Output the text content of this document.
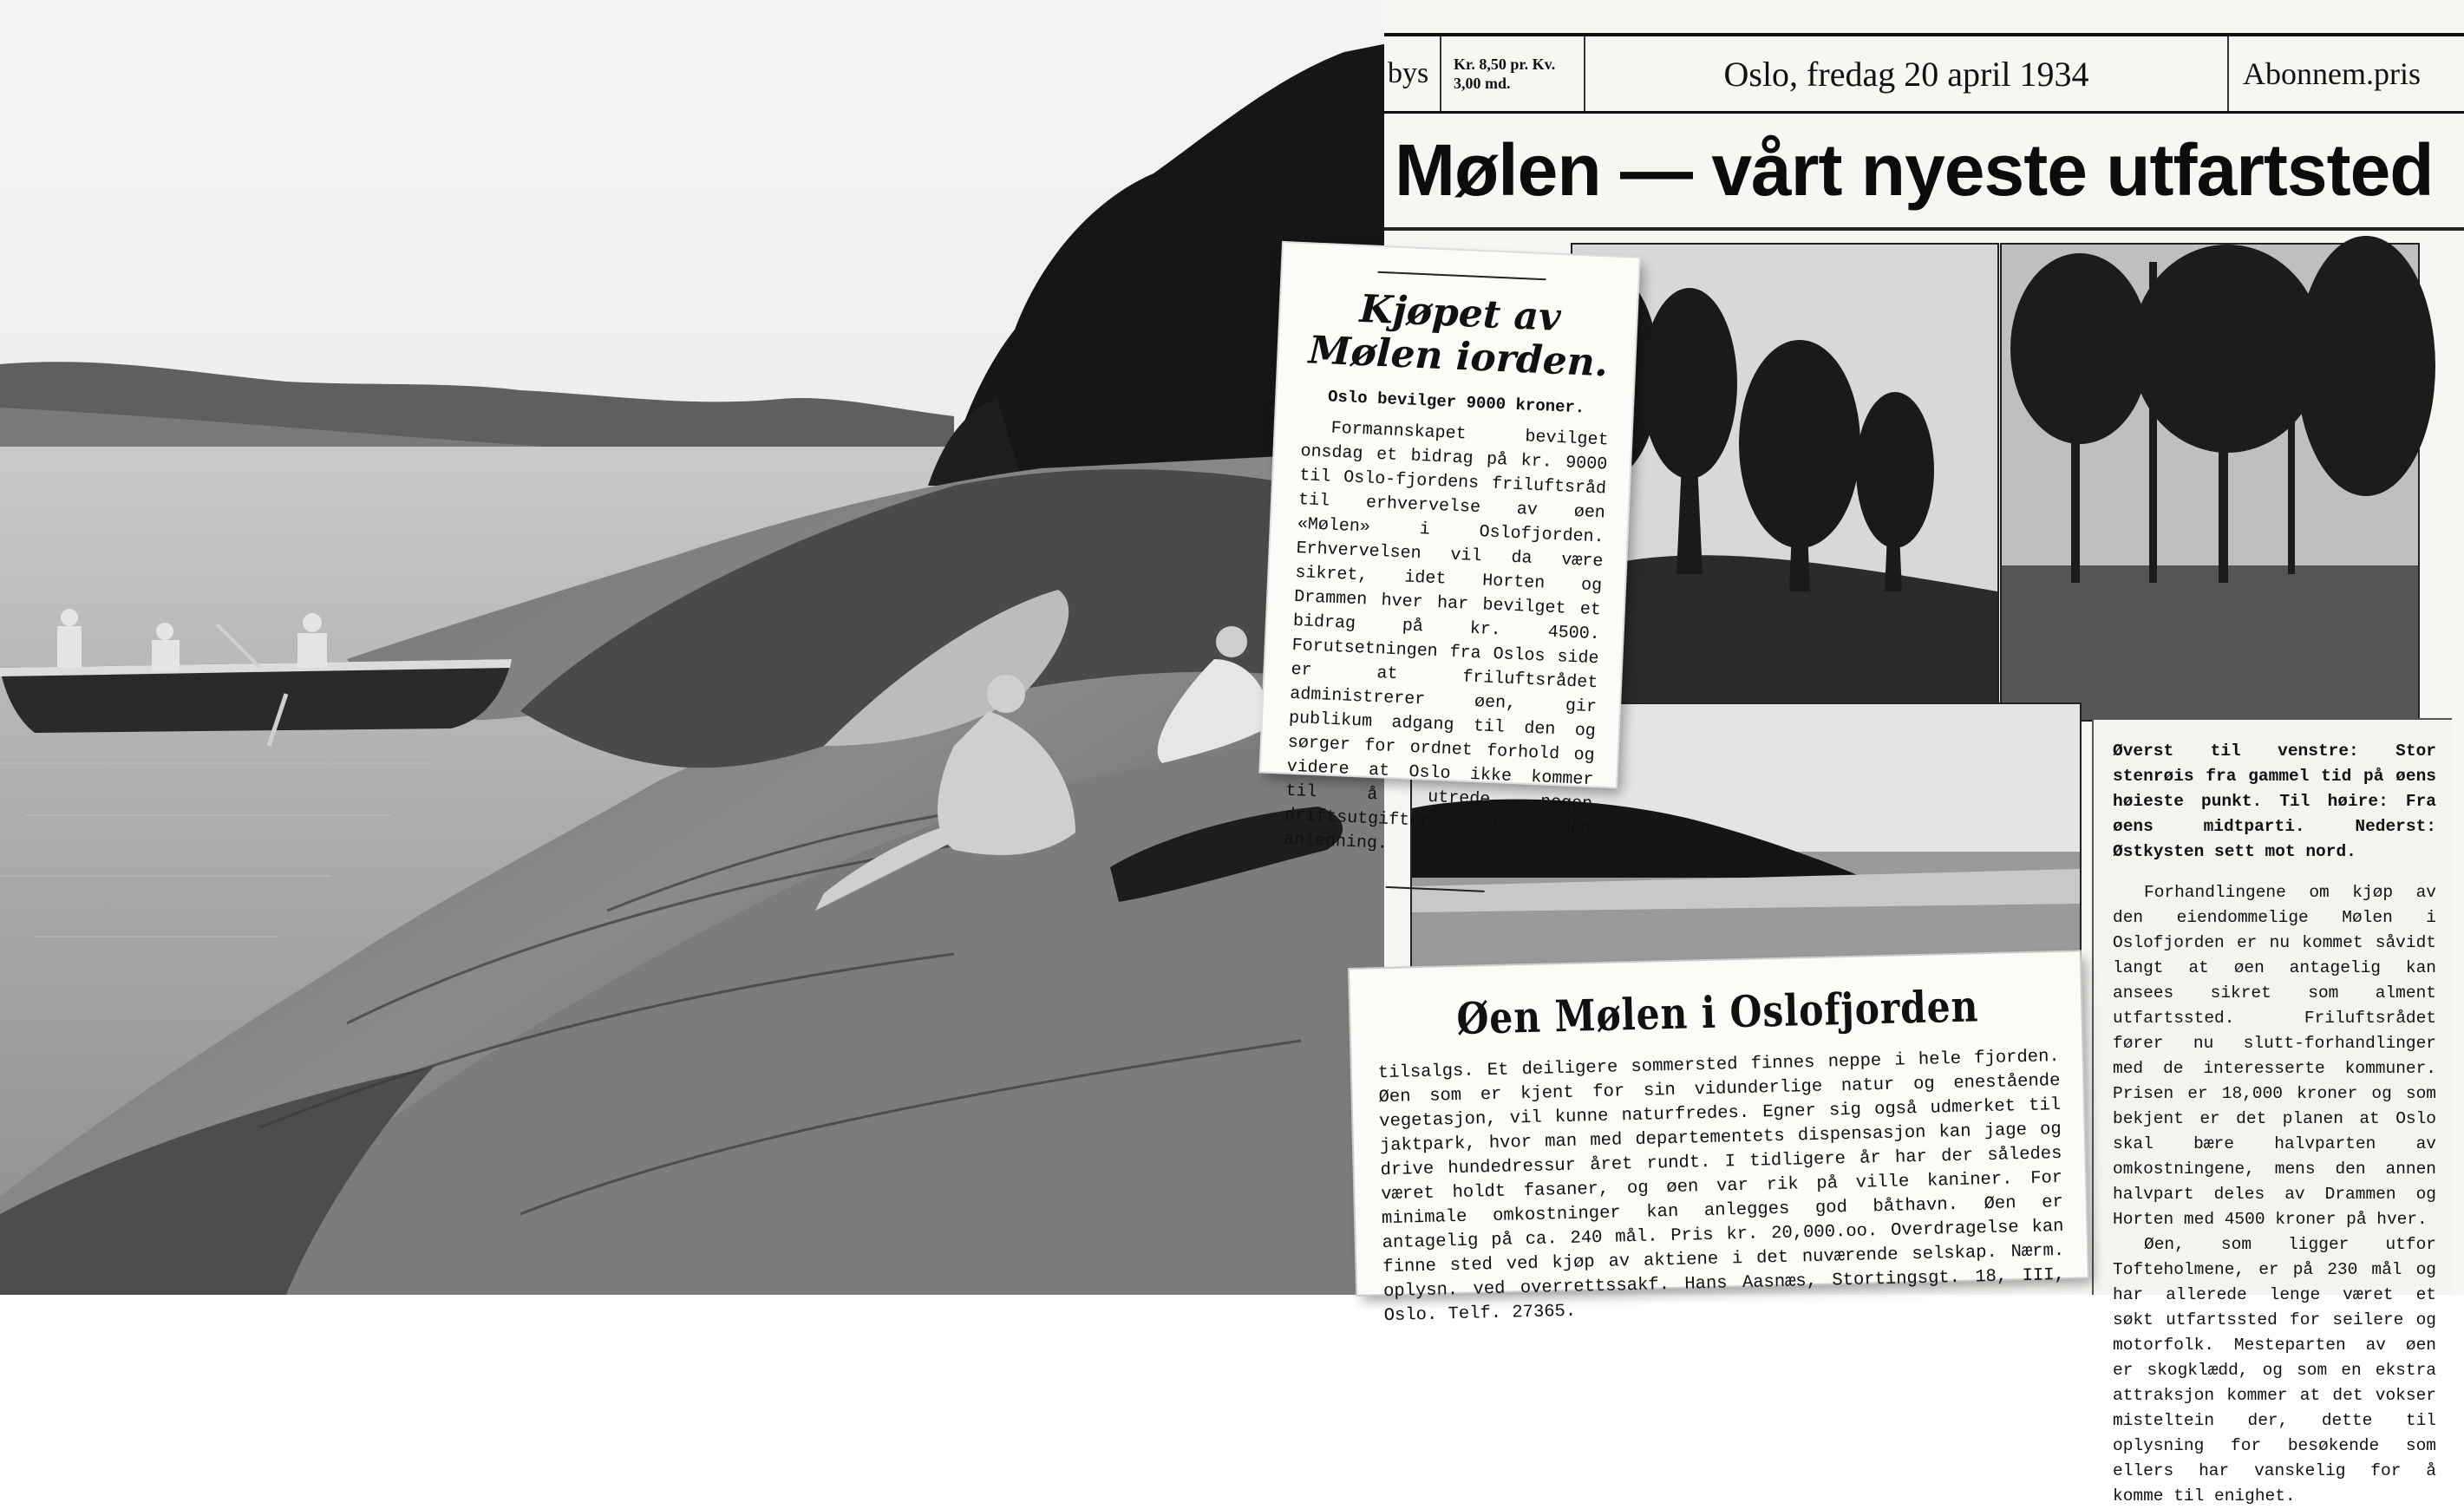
bys	Kr. 8,50 pr. Kv.
3,00 md.	Oslo, fredag 20 april 1934	Abonnem.pris
Mølen — vårt nyeste utfartsted

Øverst til venstre: Stor stenrøis fra gammel tid på øens høieste punkt. Til høire: Fra øens midtparti. Nederst: Østkysten sett mot nord.

Forhandlingene om kjøp av den eiendommelige Mølen i Oslofjorden er nu kommet såvidt langt at øen antagelig kan ansees sikret som alment utfartssted. Friluftsrådet fører nu slutt-forhandlinger med de interesserte kommuner. Prisen er 18,000 kroner og som bekjent er det planen at Oslo skal bære halvparten av omkostningene, mens den annen halvpart deles av Drammen og Horten med 4500 kroner på hver.

Øen, som ligger utfor Tofteholmene, er på 230 mål og har allerede lenge været et søkt utfartssted for seilere og motorfolk. Mesteparten av øen er skogklædd, og som en ekstra attraksjon kommer at det vokser misteltein der, dette til oplysning for besøkende som ellers har vanskelig for å komme til enighet.

Kjøpet av Mølen iorden.
Oslo bevilger 9000 kroner.
Formannskapet bevilget onsdag et bidrag på kr. 9000 til Oslo-fjordens friluftsråd til erhvervelse av øen «Mølen» i Oslofjorden. Erhvervelsen vil da være sikret, idet Horten og Drammen hver har bevilget et bidrag på kr. 4500. Forutsetningen fra Oslos side er at friluftsrådet administrerer øen, gir publikum adgang til den og sørger for ordnet forhold og videre at Oslo ikke kommer til å utrede nogen driftsutgifter i den anledning.
Øen Mølen i Oslofjorden
tilsalgs. Et deiligere sommersted finnes neppe i hele fjorden. Øen som er kjent for sin vidunderlige natur og enestående vegetasjon, vil kunne naturfredes. Egner sig også udmerket til jaktpark, hvor man med departementets dispensasjon kan jage og drive hundedressur året rundt. I tidligere år har der således været holdt fasaner, og øen var rik på ville kaniner. For minimale omkostninger kan anlegges god båthavn. Øen er antagelig på ca. 240 mål. Pris kr. 20,000.oo. Overdragelse kan finne sted ved kjøp av aktiene i det nuværende selskap. Nærm. oplysn. ved overrettssakf. Hans Aasnæs, Stortingsgt. 18, III, Oslo. Telf. 27365.
